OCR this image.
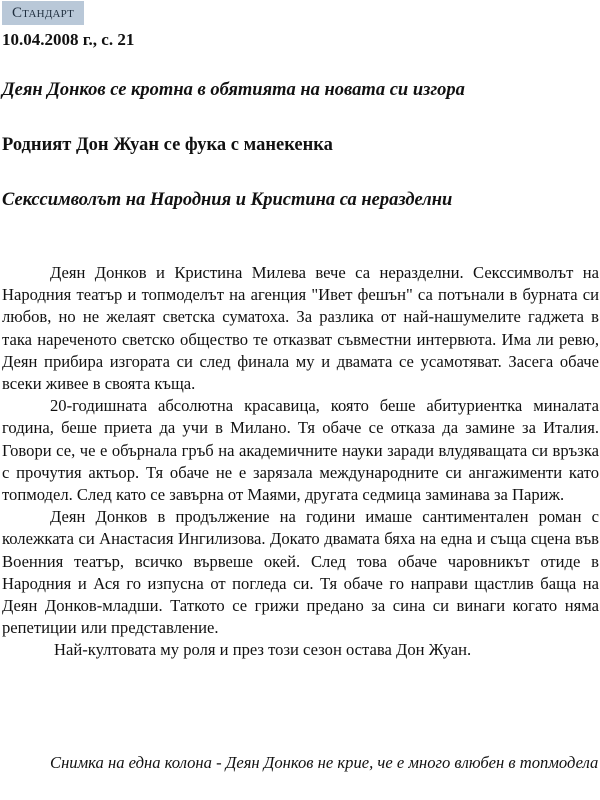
Стандарт
10.04.2008 г., с. 21
Деян Донков се кротна в обятията на новата си изгора
Родният Дон Жуан се фука с манекенка
Секссимволът на Народния и Кристина са неразделни

Деян Донков и Кристина Милева вече са неразделни. Секссимволът на Народния театър и топмоделът на агенция "Ивет фешън" са потънали в бурната си любов, но не желаят светска суматоха. За разлика от най-нашумелите гаджета в така нареченото светско общество те отказват съвместни интервюта. Има ли ревю, Деян прибира изгората си след финала му и двамата се усамотяват. Засега обаче всеки живее в своята къща.

20-годишната абсолютна красавица, която беше абитуриентка миналата година, беше приета да учи в Милано. Тя обаче се отказа да замине за Италия. Говори се, че е обърнала гръб на академичните науки заради влудяващата си връзка с прочутия актьор. Тя обаче не е зарязала международните си ангажименти като топмодел. След като се завърна от Маями, другата седмица заминава за Париж.

Деян Донков в продължение на години имаше сантиментален роман с колежката си Анастасия Ингилизова. Докато двамата бяха на една и съща сцена във Военния театър, всичко вървеше окей. След това обаче чаровникът отиде в Народния и Ася го изпусна от погледа си. Тя обаче го направи щастлив баща на Деян Донков-младши. Таткото се грижи предано за сина си винаги когато няма репетиции или представление.

Най-култовата му роля и през този сезон остава Дон Жуан.

Снимка на една колона - Деян Донков не крие, че е много влюбен в топмодела
